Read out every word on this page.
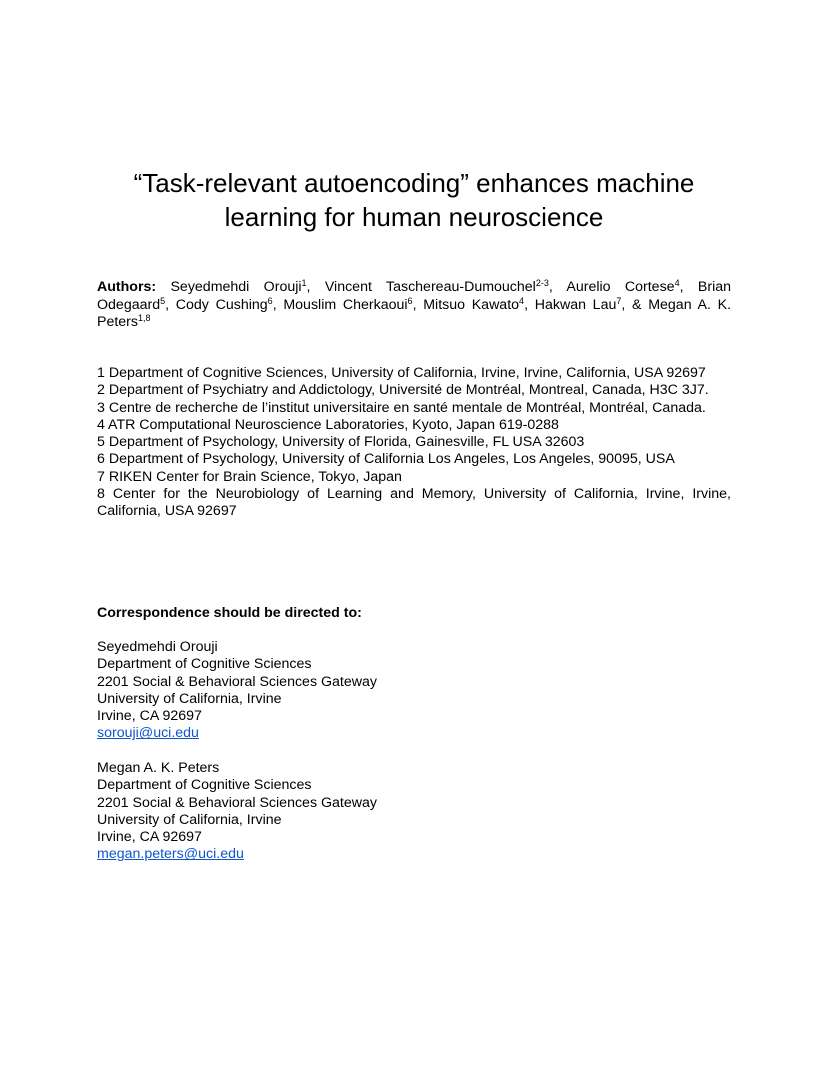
“Task-relevant autoencoding” enhances machine
learning for human neuroscience
Authors: Seyedmehdi Orouji$^1$, Vincent Taschereau-Dumouchel$^{2-3}$, Aurelio Cortese$^4$, Brian Odegaard$^5$, Cody Cushing$^6$, Mouslim Cherkaoui$^6$, Mitsuo Kawato$^4$, Hakwan Lau$^7$, & Megan A. K. Peters$^{1,8}$
1 Department of Cognitive Sciences, University of California, Irvine, Irvine, California, USA 92697
2 Department of Psychiatry and Addictology, Université de Montréal, Montreal, Canada, H3C 3J7.
3 Centre de recherche de l’institut universitaire en santé mentale de Montréal, Montréal, Canada.
4 ATR Computational Neuroscience Laboratories, Kyoto, Japan 619-0288
5 Department of Psychology, University of Florida, Gainesville, FL USA 32603
6 Department of Psychology, University of California Los Angeles, Los Angeles, 90095, USA
7 RIKEN Center for Brain Science, Tokyo, Japan
8 Center for the Neurobiology of Learning and Memory, University of California, Irvine, Irvine, California, USA 92697
Correspondence should be directed to:
Seyedmehdi Orouji
Department of Cognitive Sciences
2201 Social & Behavioral Sciences Gateway
University of California, Irvine
Irvine, CA 92697
sorouji@uci.edu
Megan A. K. Peters
Department of Cognitive Sciences
2201 Social & Behavioral Sciences Gateway
University of California, Irvine
Irvine, CA 92697
megan.peters@uci.edu
